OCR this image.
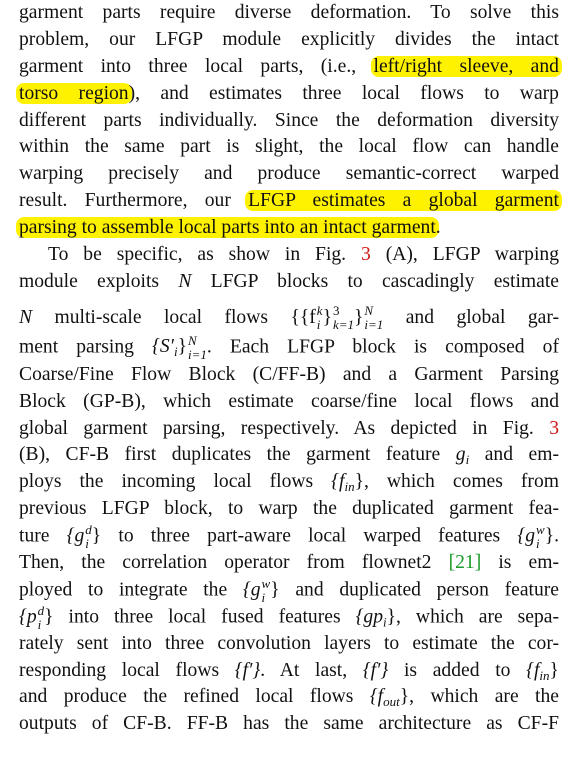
garment parts require diverse deformation. To solve this
problem, our LFGP module explicitly divides the intact
garment into three local parts, (i.e., left/right sleeve, and
torso region), and estimates three local flows to warp
different parts individually. Since the deformation diversity
within the same part is slight, the local flow can handle
warping precisely and produce semantic-correct warped
result. Furthermore, our LFGP estimates a global garment
parsing to assemble local parts into an intact garment.
To be specific, as show in Fig. 3 (A), LFGP warping
module exploits N LFGP blocks to cascadingly estimate
N multi-scale local flows {{f k
i } 3
k=1 } N
i=1 and global gar-
ment parsing $\{S'_i\}$ N
i=1 . Each LFGP block is composed of
Coarse/Fine Flow Block (C/FF-B) and a Garment Parsing
Block (GP-B), which estimate coarse/fine local flows and
global garment parsing, respectively. As depicted in Fig. 3
(B), CF-B first duplicates the garment feature $g_i$ and em-
ploys the incoming local flows $\{f_{in}\}$, which comes from
previous LFGP block, to warp the duplicated garment fea-
ture {g d
i } to three part-aware local warped features {g w
i }.
Then, the correlation operator from flownet2 [21] is em-
ployed to integrate the {g w
i } and duplicated person feature
{p d
i } into three local fused features $\{gp_i\}$, which are sepa-
rately sent into three convolution layers to estimate the cor-
responding local flows {f′}. At last, {f′} is added to $\{f_{in}\}$
and produce the refined local flows $\{f_{out}\}$, which are the
outputs of CF-B. FF-B has the same architecture as CF-F
